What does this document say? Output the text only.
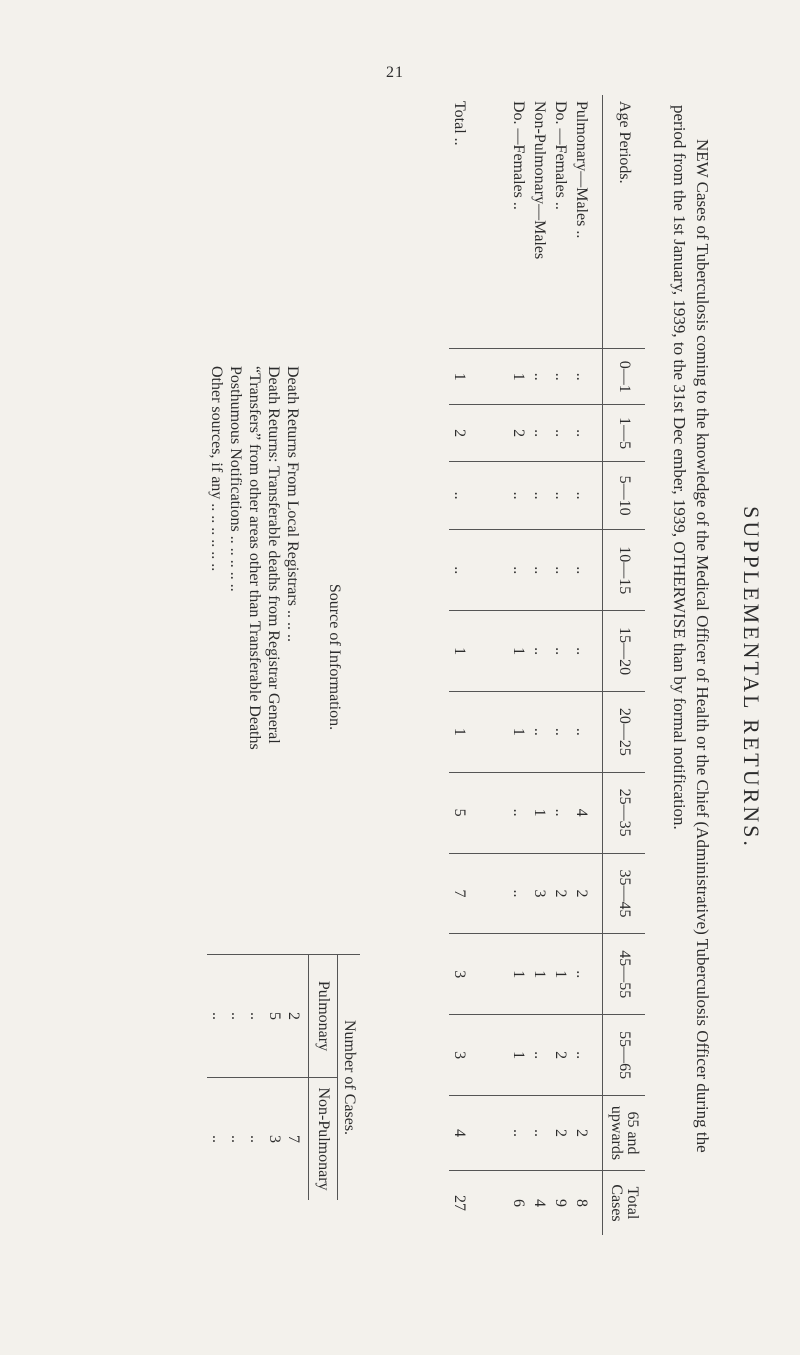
21
SUPPLEMENTAL RETURNS.
NEW Cases of Tuberculosis coming to the knowledge of the Medical Officer of Health or the Chief (Administrative) Tuberculosis Officer during the period from the 1st January, 1939, to the 31st Dec ember, 1939, OTHERWISE than by formal notification.
Age Periods.	0—1	1—5	5—10	10—15	15—20	20—25	25—35	35—45	45—55	55—65	65 and upwards	Total Cases
Pulmonary—Males ..	..	..	..	..	..	..	4	2	..	..	2	8
Do. —Females ..	..	..	..	..	..	..	..	2	1	2	2	9
Non-Pulmonary—Males	..	..	..	..	..	..	1	3	1	..	..	4
Do. —Females ..	1	2	..	..	1	1	..	..	1	1	..	6
Total ..	1	2	..	..	1	1	5	7	3	3	4	27
Source of Information.	Number of Cases.	
	Pulmonary	Non-Pulmonary
Death Returns From Local Registrars .. .. ..	2	7
Death Returns: Transferable deaths from Registrar General	5	3
“Transfers” from other areas other than Transferable Deaths	..	..
Posthumous Notifications .. .. .. .. ..	..	..
Other sources, if any .. .. .. .. .. ..	..	..
